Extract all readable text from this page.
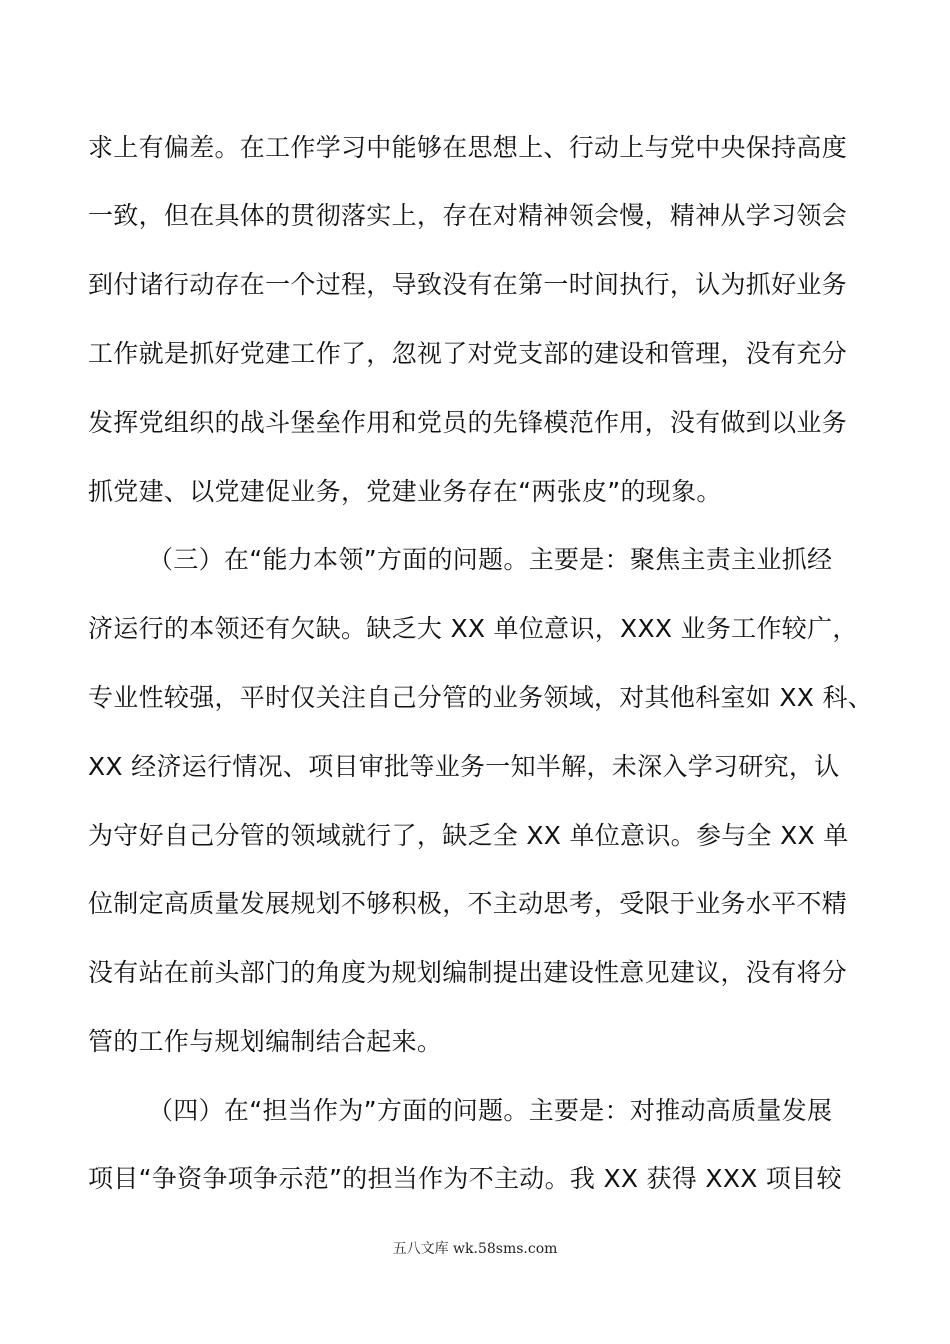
求上有偏差。在工作学习中能够在思想上、行动上与党中央保持高度
一致，但在具体的贯彻落实上，存在对精神领会慢，精神从学习领会
到付诸行动存在一个过程，导致没有在第一时间执行，认为抓好业务
工作就是抓好党建工作了，忽视了对党支部的建设和管理，没有充分
发挥党组织的战斗堡垒作用和党员的先锋模范作用，没有做到以业务
抓党建、以党建促业务，党建业务存在“两张皮”的现象。
（三）在“能力本领”方面的问题。主要是：聚焦主责主业抓经
济运行的本领还有欠缺。缺乏大 XX 单位意识，XXX 业务工作较广，
专业性较强，平时仅关注自己分管的业务领域，对其他科室如 XX 科、
XX 经济运行情况、项目审批等业务一知半解，未深入学习研究，认
为守好自己分管的领域就行了，缺乏全 XX 单位意识。参与全 XX 单
位制定高质量发展规划不够积极，不主动思考，受限于业务水平不精
没有站在前头部门的角度为规划编制提出建设性意见建议，没有将分
管的工作与规划编制结合起来。
（四）在“担当作为”方面的问题。主要是：对推动高质量发展
项目“争资争项争示范”的担当作为不主动。我 XX 获得 XXX 项目较
五八文库 wk.58sms.com
